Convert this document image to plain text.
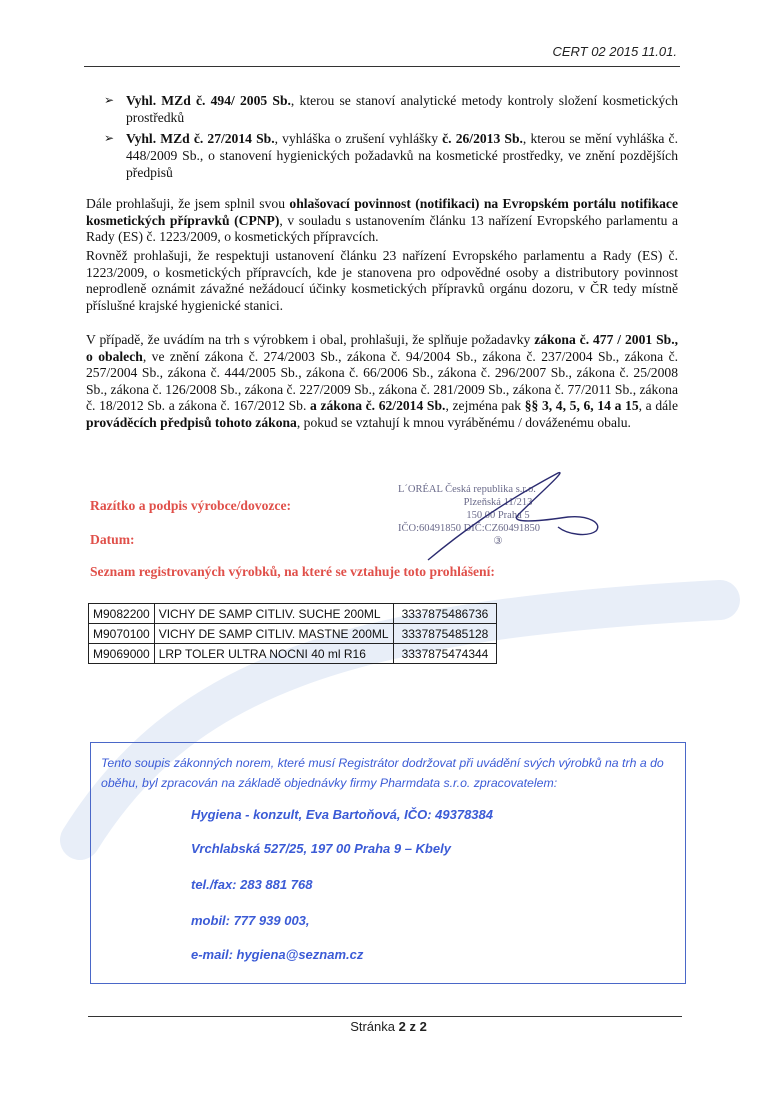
CERT 02 2015 11.01.
➢ Vyhl. MZd č. 494/ 2005 Sb., kterou se stanoví analytické metody kontroly složení kosmetických prostředků
➢ Vyhl. MZd č. 27/2014 Sb., vyhláška o zrušení vyhlášky č. 26/2013 Sb., kterou se mění vyhláška č. 448/2009 Sb., o stanovení hygienických požadavků na kosmetické prostředky, ve znění pozdějších předpisů
Dále prohlašuji, že jsem splnil svou ohlašovací povinnost (notifikaci) na Evropském portálu notifikace kosmetických přípravků (CPNP), v souladu s ustanovením článku 13 nařízení Evropského parlamentu a Rady (ES) č. 1223/2009, o kosmetických přípravcích.
Rovněž prohlašuji, že respektuji ustanovení článku 23 nařízení Evropského parlamentu a Rady (ES) č. 1223/2009, o kosmetických přípravcích, kde je stanovena pro odpovědné osoby a distributory povinnost neprodleně oznámit závažné nežádoucí účinky kosmetických přípravků orgánu dozoru, v ČR tedy místně příslušné krajské hygienické stanici.
V případě, že uvádím na trh s výrobkem i obal, prohlašuji, že splňuje požadavky zákona č. 477 / 2001 Sb., o obalech, ve znění zákona č. 274/2003 Sb., zákona č. 94/2004 Sb., zákona č. 237/2004 Sb., zákona č. 257/2004 Sb., zákona č. 444/2005 Sb., zákona č. 66/2006 Sb., zákona č. 296/2007 Sb., zákona č. 25/2008 Sb., zákona č. 126/2008 Sb., zákona č. 227/2009 Sb., zákona č. 281/2009 Sb., zákona č. 77/2011 Sb., zákona č. 18/2012 Sb. a zákona č. 167/2012 Sb. a zákona č. 62/2014 Sb., zejména pak §§ 3, 4, 5, 6, 14 a 15, a dále prováděcích předpisů tohoto zákona, pokud se vztahují k mnou vyráběnému / dováženému obalu.
Razítko a podpis výrobce/dovozce:
Datum:
Seznam registrovaných výrobků, na které se vztahuje toto prohlášení:
L´ORÉAL Česká republika s.r.o.
Plzeňská 11/213
150 00 Praha 5
IČO:60491850 DIČ:CZ60491850
③
M9082200	VICHY DE SAMP CITLIV. SUCHE 200ML	3337875486736
M9070100	VICHY DE SAMP CITLIV. MASTNE 200ML	3337875485128
M9069000	LRP TOLER ULTRA NOCNI 40 ml R16	3337875474344
Tento soupis zákonných norem, které musí Registrátor dodržovat při uvádění svých výrobků na trh a do oběhu, byl zpracován na základě objednávky firmy Pharmdata s.r.o. zpracovatelem:
Hygiena - konzult, Eva Bartoňová, IČO: 49378384
Vrchlabská 527/25, 197 00 Praha 9 – Kbely
tel./fax: 283 881 768
mobil: 777 939 003,
e-mail: hygiena@seznam.cz
Stránka 2 z 2
